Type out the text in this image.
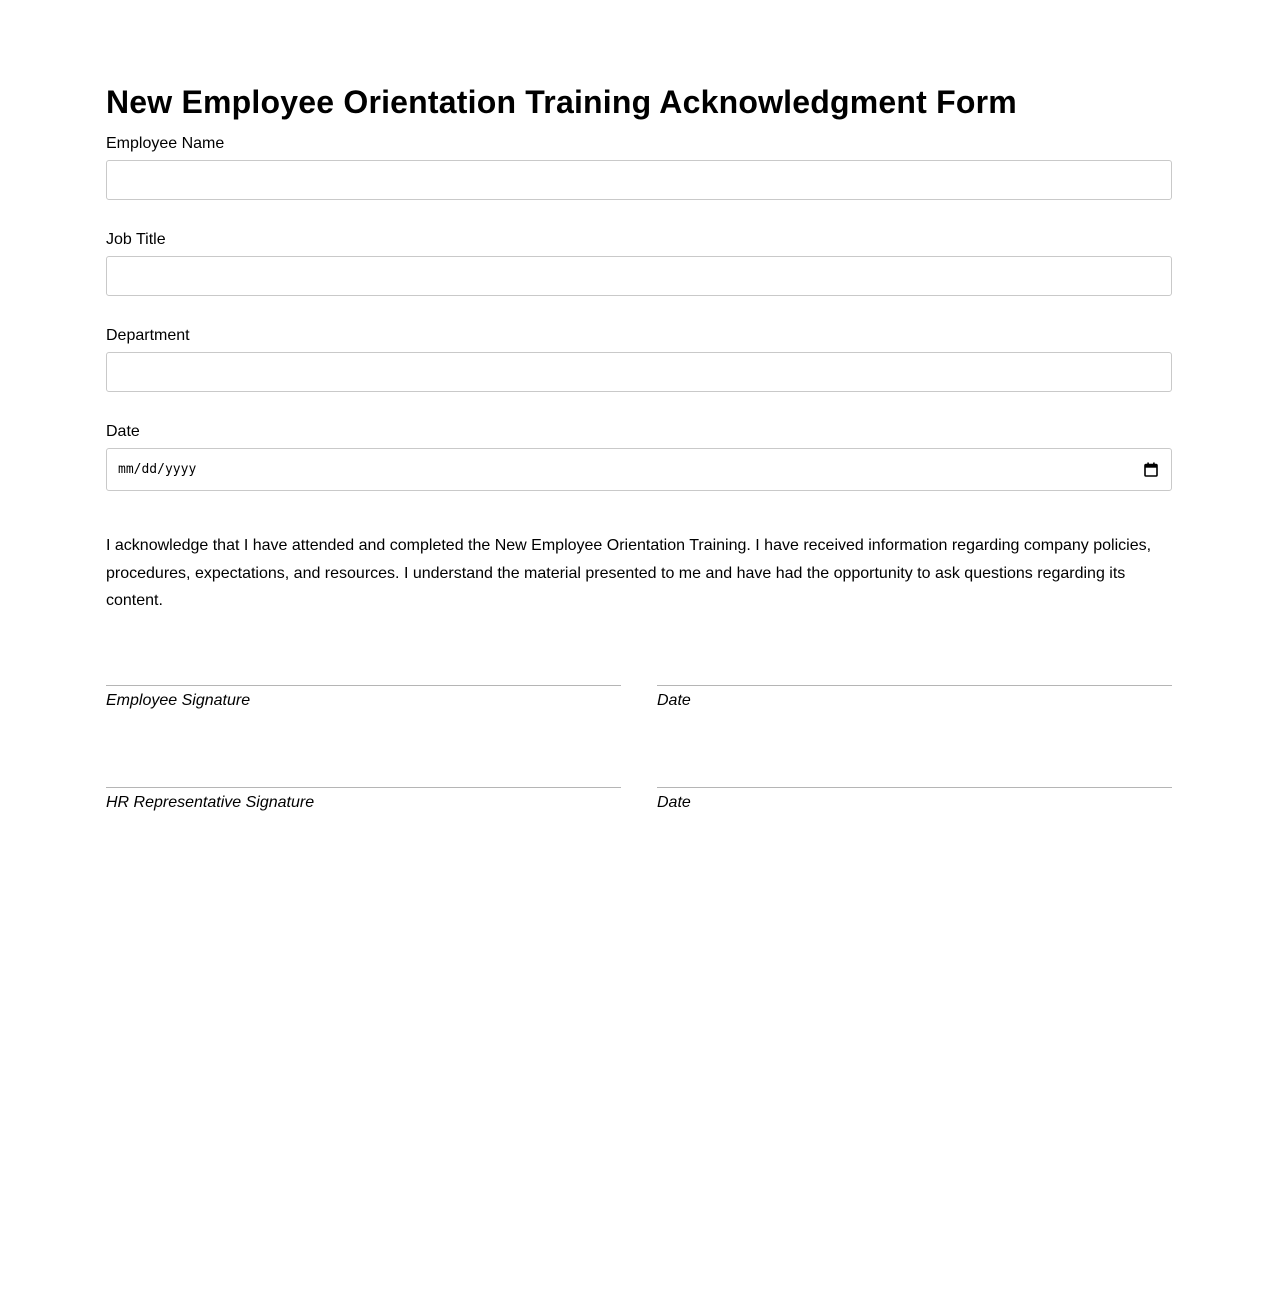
New Employee Orientation Training Acknowledgment Form
Employee Name
Job Title
Department
Date
mm/dd/yyyy

I acknowledge that I have attended and completed the New Employee Orientation Training. I have received information regarding company policies, procedures, expectations, and resources. I understand the material presented to me and have had the opportunity to ask questions regarding its content.

Employee Signature	Date
HR Representative Signature	Date
